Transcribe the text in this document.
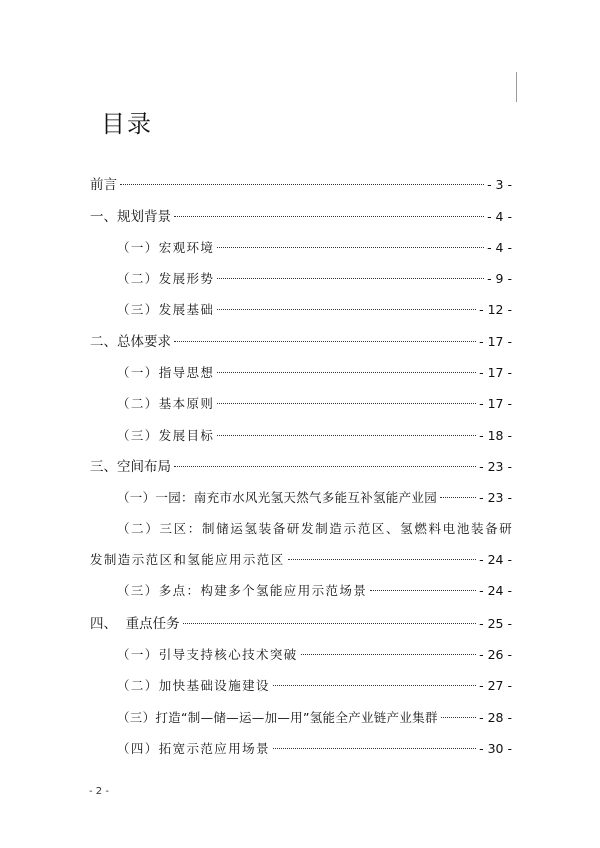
目录
前言	- 3 -
一、规划背景	- 4 -
（一）宏观环境	- 4 -
（二）发展形势	- 9 -
（三）发展基础	- 12 -
二、总体要求	- 17 -
（一）指导思想	- 17 -
（二）基本原则	- 17 -
（三）发展目标	- 18 -
三、空间布局	- 23 -
（一）一园：南充市水风光氢天然气多能互补氢能产业园	- 23 -
（二）三区：制储运氢装备研发制造示范区、氢燃料电池装备研
发制造示范区和氢能应用示范区	- 24 -
（三）多点：构建多个氢能应用示范场景	- 24 -
四、  重点任务	- 25 -
（一）引导支持核心技术突破	- 26 -
（二）加快基础设施建设	- 27 -
（三）打造“制—储—运—加—用”氢能全产业链产业集群	- 28 -
（四）拓宽示范应用场景	- 30 -
- 2 -
